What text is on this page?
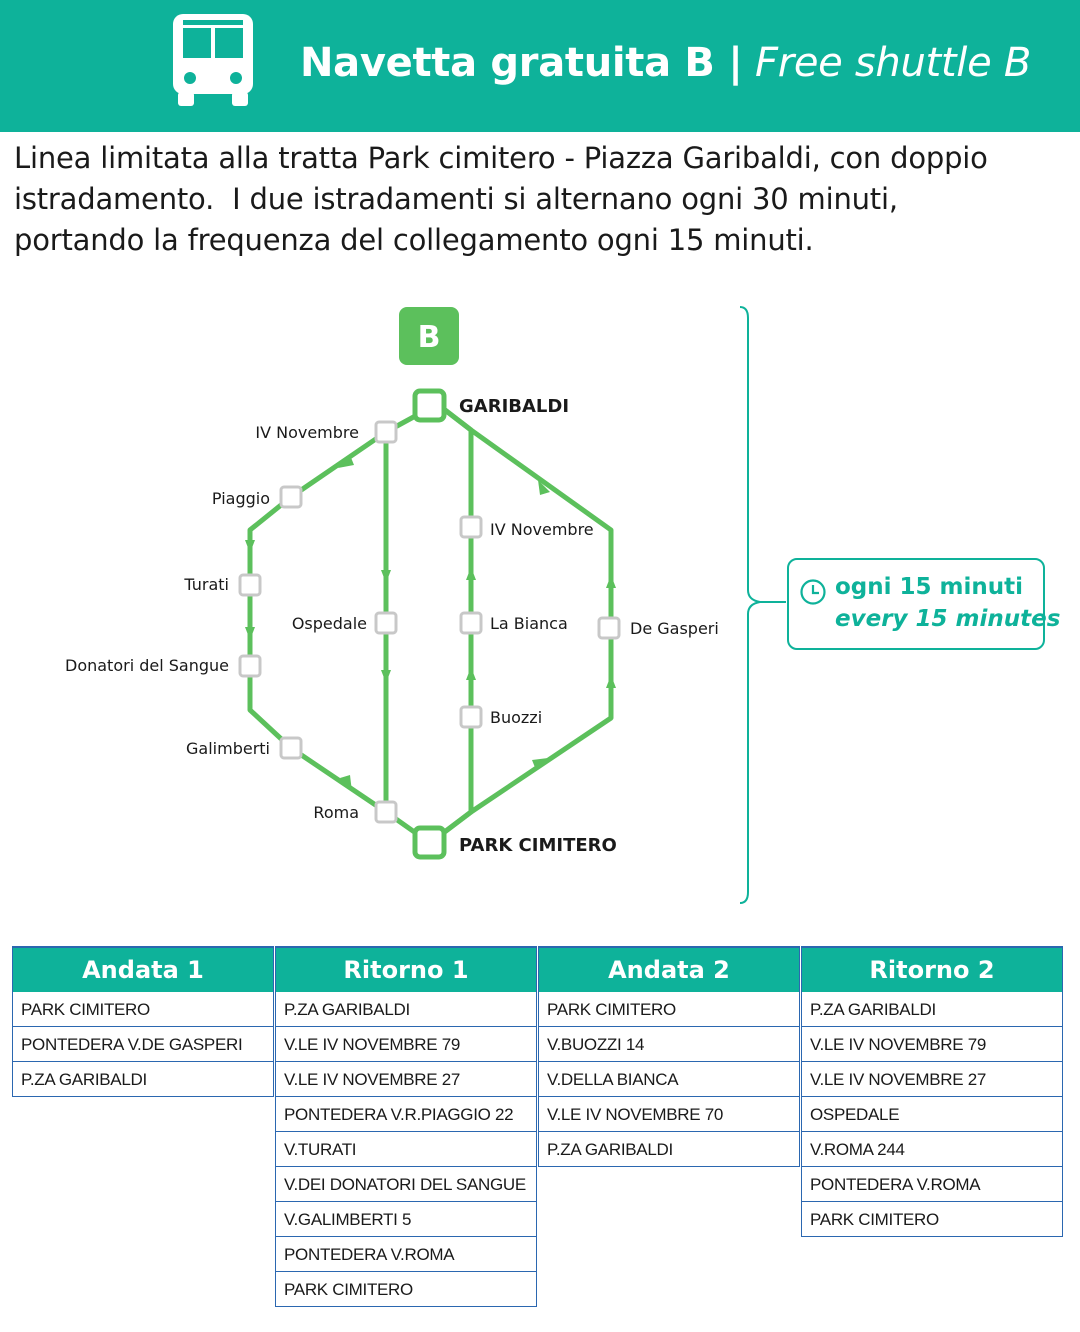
Navetta gratuita B | Free shuttle B
Linea limitata alla tratta Park cimitero - Piazza Garibaldi, con doppio
istradamento.  I due istradamenti si alternano ogni 30 minuti,
portando la frequenza del collegamento ogni 15 minuti.
B
GARIBALDI
PARK CIMITERO
IV Novembre
Piaggio
Turati
Donatori del Sangue
Galimberti
Roma
Ospedale
IV Novembre
La Bianca
Buozzi
De Gasperi
ogni 15 minuti
every 15 minutes
Andata 1
PARK CIMITERO
PONTEDERA V.DE GASPERI
P.ZA GARIBALDI
Ritorno 1
P.ZA GARIBALDI
V.LE IV NOVEMBRE 79
V.LE IV NOVEMBRE 27
PONTEDERA V.R.PIAGGIO 22
V.TURATI
V.DEI DONATORI DEL SANGUE
V.GALIMBERTI 5
PONTEDERA V.ROMA
PARK CIMITERO
Andata 2
PARK CIMITERO
V.BUOZZI 14
V.DELLA BIANCA
V.LE IV NOVEMBRE 70
P.ZA GARIBALDI
Ritorno 2
P.ZA GARIBALDI
V.LE IV NOVEMBRE 79
V.LE IV NOVEMBRE 27
OSPEDALE
V.ROMA 244
PONTEDERA V.ROMA
PARK CIMITERO
